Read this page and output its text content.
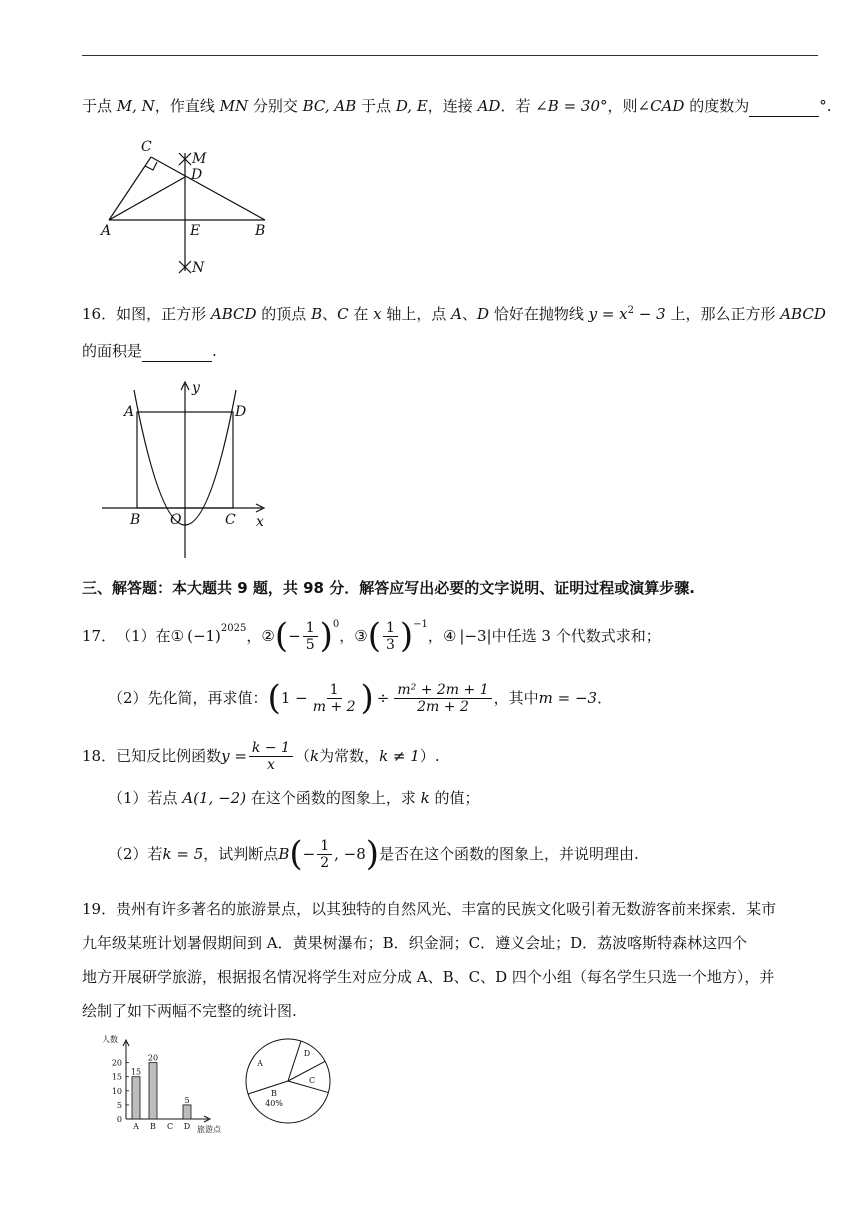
于点 M, N，作直线 MN 分别交 BC, AB 于点 D, E，连接 AD．若 ∠B = 30°，则∠CAD 的度数为	°.
C
M
D
A	E	B
N
16．如图，正方形 ABCD 的顶点 B、C 在 x 轴上，点 A、D 恰好在抛物线 $y = x^2 - 3$ 上，那么正方形 ABCD
的面积是	.
y
A	D
B O	C x
三、解答题：本大题共 9 题，共 98 分．解答应写出必要的文字说明、证明过程或演算步骤.
17． （1）在 ① $(-1)^{2025}$ ， ② ( − $\frac{1}{5} )^0$
， ③ ( $\frac{1}{3} )^{-1}$
， ④ |−3| 中任选 3 个代数式求和；
（2）先化简，再求值： ( $1 - \frac{1}{m + 2}$ ) ÷ $\frac{\text{m² + 2m + 1}}{2m + 2}$ ，其中 m = −3 ．
18． 已知反比例函数 $y = \frac{k - 1}{x}$ （ k 为常数， k ≠ 1 ）.
（1）若点 A(1, −2) 在这个函数的图象上，求 k 的值；
（2）若 k = 5 ，试判断点 B ( − $\frac{1}{2}$ , −8 ) 是否在这个函数的图象上，并说明理由.
19．贵州有许多著名的旅游景点，以其独特的自然风光、丰富的民族文化吸引着无数游客前来探索．某市
九年级某班计划暑假期间到 A．黄果树瀑布；B．织金洞；C．遵义会址；D．荔波喀斯特森林这四个
地方开展研学旅游，根据报名情况将学生对应分成 A、B、C、D 四个小组（每名学生只选一个地方），并
绘制了如下两幅不完整的统计图.
人数
旅游点
0
5
10
15
20
15
A
20
B C
5
D
A
D
C
B
40%
